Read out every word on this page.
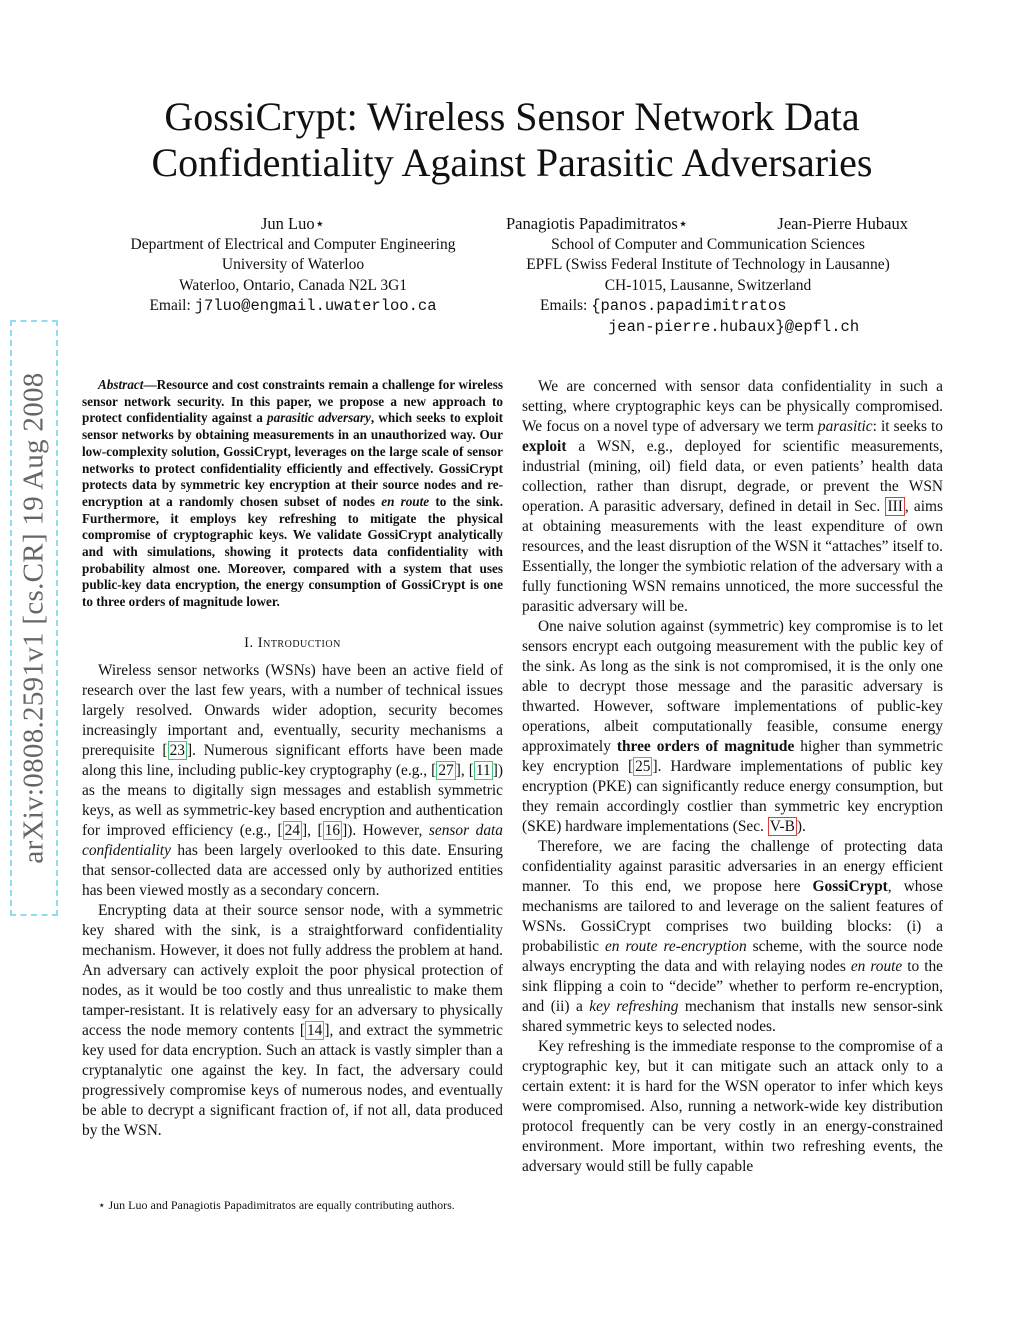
GossiCrypt: Wireless Sensor Network Data
Confidentiality Against Parasitic Adversaries
Jun Luo⋆
Department of Electrical and Computer Engineering
University of Waterloo
Waterloo, Ontario, Canada N2L 3G1
Email: j7luo@engmail.uwaterloo.ca
Panagiotis Papadimitratos⋆	Jean-Pierre Hubaux
School of Computer and Communication Sciences
EPFL (Swiss Federal Institute of Technology in Lausanne)
CH-1015, Lausanne, Switzerland
Emails: {panos.papadimitratos
jean-pierre.hubaux}@epfl.ch
arXiv:0808.2591v1 [cs.CR] 19 Aug 2008	Abstract—Resource and cost constraints remain a challenge for wireless sensor network security. In this paper, we propose a new approach to protect confidentiality against a parasitic adversary, which seeks to exploit sensor networks by obtaining measurements in an unauthorized way. Our low-complexity solution, GossiCrypt, leverages on the large scale of sensor networks to protect confidentiality efficiently and effectively. GossiCrypt protects data by symmetric key encryption at their source nodes and re-encryption at a randomly chosen subset of nodes en route to the sink. Furthermore, it employs key refreshing to mitigate the physical compromise of cryptographic keys. We validate GossiCrypt analytically and with simulations, showing it protects data confidentiality with probability almost one. Moreover, compared with a system that uses public-key data encryption, the energy consumption of GossiCrypt is one to three orders of magnitude lower.

I. Introduction

Wireless sensor networks (WSNs) have been an active field of research over the last few years, with a number of technical issues largely resolved. Onwards wider adoption, security becomes increasingly important and, eventually, security mechanisms a prerequisite [ 23 ]. Numerous significant efforts have been made along this line, including public-key cryptography (e.g., [ 27 ], [ 11 ]) as the means to digitally sign messages and establish symmetric keys, as well as symmetric-key based encryption and authentication for improved efficiency (e.g., [ 24 ], [ 16 ]). However, sensor data confidentiality has been largely overlooked to this date. Ensuring that sensor-collected data are accessed only by authorized entities has been viewed mostly as a secondary concern.

Encrypting data at their source sensor node, with a symmetric key shared with the sink, is a straightforward confidentiality mechanism. However, it does not fully address the problem at hand. An adversary can actively exploit the poor physical protection of nodes, as it would be too costly and thus unrealistic to make them tamper-resistant. It is relatively easy for an adversary to physically access the node memory contents [ 14 ], and extract the symmetric key used for data encryption. Such an attack is vastly simpler than a cryptanalytic one against the key. In fact, the adversary could progressively compromise keys of numerous nodes, and eventually be able to decrypt a significant fraction of, if not all, data produced by the WSN.

⋆ Jun Luo and Panagiotis Papadimitratos are equally contributing authors.

We are concerned with sensor data confidentiality in such a setting, where cryptographic keys can be physically compromised. We focus on a novel type of adversary we term parasitic: it seeks to exploit a WSN, e.g., deployed for scientific measurements, industrial (mining, oil) field data, or even patients’ health data collection, rather than disrupt, degrade, or prevent the WSN operation. A parasitic adversary, defined in detail in Sec. III , aims at obtaining measurements with the least expenditure of own resources, and the least disruption of the WSN it “attaches” itself to. Essentially, the longer the symbiotic relation of the adversary with a fully functioning WSN remains unnoticed, the more successful the parasitic adversary will be.

One naive solution against (symmetric) key compromise is to let sensors encrypt each outgoing measurement with the public key of the sink. As long as the sink is not compromised, it is the only one able to decrypt those message and the parasitic adversary is thwarted. However, software implementations of public-key operations, albeit computationally feasible, consume energy approximately three orders of magnitude higher than symmetric key encryption [ 25 ]. Hardware implementations of public key encryption (PKE) can significantly reduce energy consumption, but they remain accordingly costlier than symmetric key encryption (SKE) hardware implementations (Sec. V-B ).

Therefore, we are facing the challenge of protecting data confidentiality against parasitic adversaries in an energy efficient manner. To this end, we propose here GossiCrypt, whose mechanisms are tailored to and leverage on the salient features of WSNs. GossiCrypt comprises two building blocks: (i) a probabilistic en route re-encryption scheme, with the source node always encrypting the data and with relaying nodes en route to the sink flipping a coin to “decide” whether to perform re-encryption, and (ii) a key refreshing mechanism that installs new sensor-sink shared symmetric keys to selected nodes.

Key refreshing is the immediate response to the compromise of a cryptographic key, but it can mitigate such an attack only to a certain extent: it is hard for the WSN operator to infer which keys were compromised. Also, running a network-wide key distribution protocol frequently can be very costly in an energy-constrained environment. More important, within two refreshing events, the adversary would still be fully capable
